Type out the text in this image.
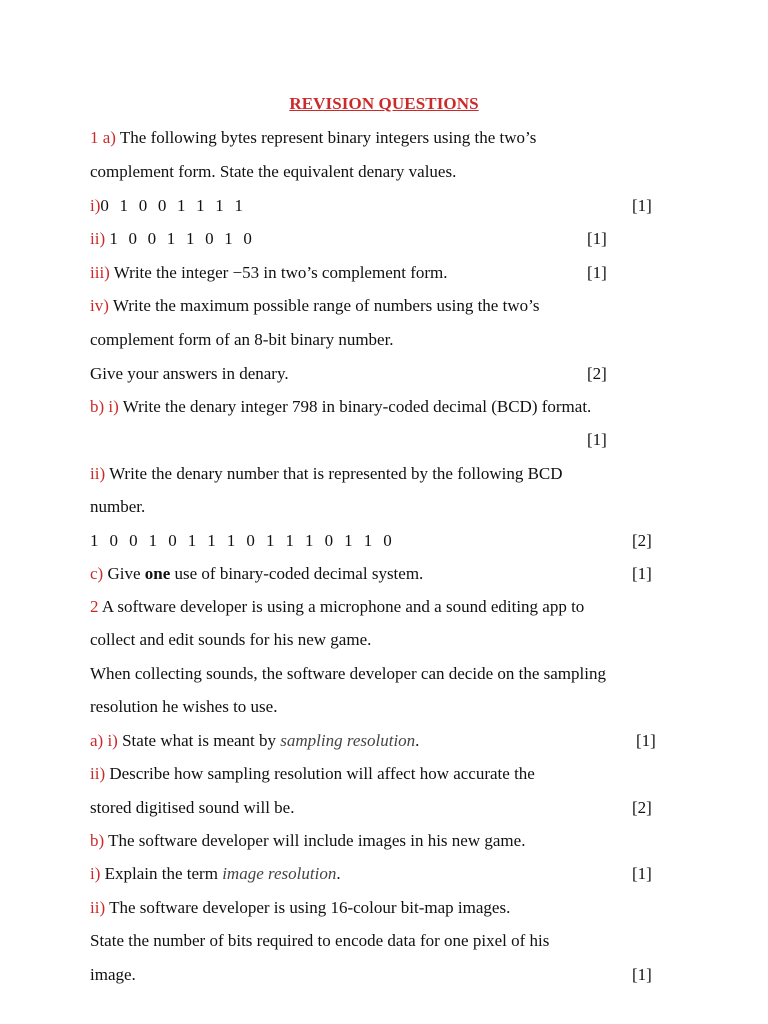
REVISION QUESTIONS
1 a) The following bytes represent binary integers using the two’s
complement form. State the equivalent denary values.
i)0 1 0 0 1 1 1 1	[1]
ii) 1 0 0 1 1 0 1 0	[1]
iii) Write the integer −53 in two’s complement form.	[1]
iv) Write the maximum possible range of numbers using the two’s
complement form of an 8-bit binary number.
Give your answers in denary.	[2]
b) i) Write the denary integer 798 in binary-coded decimal (BCD) format.
[1]
ii) Write the denary number that is represented by the following BCD
number.
1 0 0 1 0 1 1 1 0 1 1 1 0 1 1 0	[2]
c) Give one use of binary-coded decimal system.	[1]
2 A software developer is using a microphone and a sound editing app to
collect and edit sounds for his new game.
When collecting sounds, the software developer can decide on the sampling
resolution he wishes to use.
a) i) State what is meant by sampling resolution.	[1]
ii) Describe how sampling resolution will affect how accurate the
stored digitised sound will be.	[2]
b) The software developer will include images in his new game.
i) Explain the term image resolution.	[1]
ii) The software developer is using 16-colour bit-map images.
State the number of bits required to encode data for one pixel of his
image.	[1]
